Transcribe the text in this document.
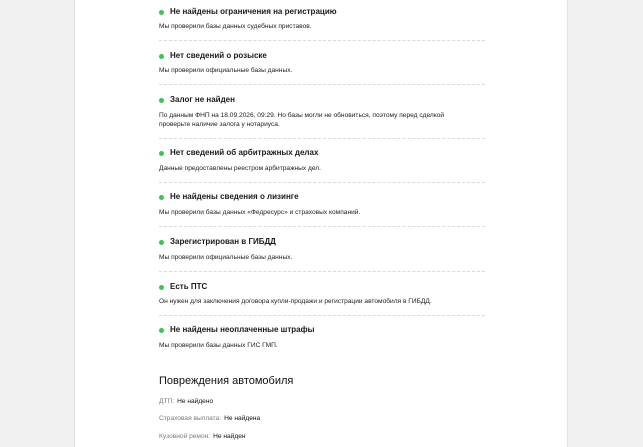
Не найдены ограничения на регистрацию
Мы проверили базы данных судебных приставов.
Нет сведений о розыске
Мы проверили официальные базы данных.
Залог не найден
По данным ФНП на 18.09.2026, 09:29. Но базы могли не обновиться, поэтому перед сделкой проверьте наличие залога у нотариуса.
Нет сведений об арбитражных делах
Данные предоставлены реестром арбитражных дел.
Не найдены сведения о лизинге
Мы проверили базы данных «Федресурс» и страховых компаний.
Зарегистрирован в ГИБДД
Мы проверили официальные базы данных.
Есть ПТС
Он нужен для заключения договора купли-продажи и регистрации автомобиля в ГИБДД.
Не найдены неоплаченные штрафы
Мы проверили базы данных ГИС ГМП.
Повреждения автомобиля
ДТП: Не найдено
Страховая выплата: Не найдена
Кузовной ремон: Не найден
